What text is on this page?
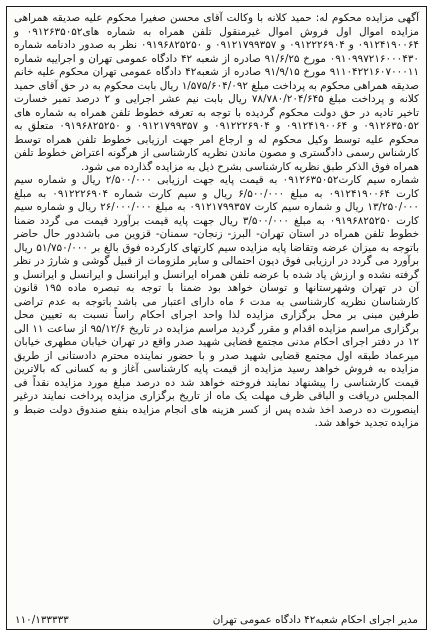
آگهی مزایده محکوم له: حمید کلانه با وکالت آقای محسن صغیرا محکوم علیه صدیقه همراهی مزایده اموال اول فروش اموال غیرمنقول تلفن همراه به شماره های۰۹۱۲۶۳۵۰۵۲ و ۰۹۱۲۴۱۹۰۰۶۴ و ۰۹۱۲۲۲۶۹۰۴ و ۰۹۱۲۱۷۹۹۳۵۷ و ۰۹۱۹۶۸۲۵۲۵۰ نظر به صدور دادنامه شماره ۰۹۱۰۹۹۷۲۱۶۰۰۰۴۳۰ مورخ ۹۱/۶/۲۵ صادره از شعبه ۴۲ دادگاه عمومی تهران و اجراییه شماره ۹۱۱۰۴۲۲۱۶۰۷۰۰۰۱۱ مورخ ۹۱/۹/۱۵ صادره از شعبه۴۲ دادگاه عمومی تهران محکوم علیه خانم صدیقه همراهی محکوم به پرداخت مبلغ ۱/۵۷۵/۶۰۴/۰۹۲ ریال بابت محکوم به در حق آقای حمید کلانه و پرداخت مبلغ ۷۸/۷۸۰/۲۰۴/۶۴۵ ریال بابت نیم عشر اجرایی و ۲ درصد تمبر خسارت تاخیر تادیه در حق دولت محکوم گردیده با توجه به تعرفه خطوط تلفن همراه به شماره های ۰۹۱۲۶۳۵۰۵۲ و ۰۹۱۲۴۱۹۰۰۶۴ و ۰۹۱۲۲۲۶۹۰۴ و ۰۹۱۲۱۷۹۹۳۵۷ و ۰۹۱۹۶۸۲۵۲۵۰ متعلق به محکوم علیه توسط وکیل محکوم له و ارجاع امر جهت ارزیابی خطوط تلفن همراه توسط کارشناس رسمی دادگستری و مصون ماندن نظریه کارشناسی از هرگونه اعتراض خطوط تلفن همراه فوق الذکر طبق نظریه کارشناسی بشرح ذیل به مزایده گذارده می شود.

شماره سیم کارت۰۹۱۲۶۳۵۰۵۲ به قیمت پایه جهت ارزیابی ۲/۵۰۰/۰۰۰ ریال و شماره سیم کارت ۰۹۱۲۴۱۹۰۰۶۴ به مبلغ ۶/۵۰۰/۰۰۰ ریال و سیم کارت شماره ۰۹۱۲۲۲۶۹۰۴ به مبلغ ۱۳/۲۵۰/۰۰۰ ریال و شماره سیم کارت ۰۹۱۲۱۷۹۹۳۵۷ به مبلغ ۲۶/۰۰۰/۰۰۰ ریال و شماره سیم کارت ۰۹۱۹۶۸۲۵۲۵۰ به مبلغ ۳/۵۰۰/۰۰۰ ریال جهت پایه قیمت برآورد قیمت می گردد ضمنا خطوط تلفن همراه در استان تهران- البرز- زنجان- سمنان- قزوین می باشددور حال حاضر باتوجه به میزان عرضه وتقاضا پایه مزایده سیم کارتهای کارکرده فوق بالغ بر ۵۱/۷۵۰/۰۰۰ ریال برآورد می گردد در ارزیابی فوق دیون احتمالی و سایر ملزومات از قبیل گوشی و شارژ در نظر گرفته نشده و ارزش یاد شده با عرضه تلفن همراه ایرانسل و ایرانسل و ایرانسل و ایرانسل و آن در تهران وشهرستانها و توسان خواهد بود ضمنا با توجه به تبصره ماده ۱۹۵ قانون کارشناسان نظریه کارشناسی به مدت ۶ ماه دارای اعتبار می باشد باتوجه به عدم تراضی طرفین مبنی بر محل برگزاری مزایده لذا واحد اجرای احکام راساً نسبت به تعیین محل برگزاری مراسم مزایده اقدام و مقرر گردید مراسم مزایده در تاریخ ۹۵/۱۲/۶ از ساعت ۱۱ الی ۱۲ در دفتر اجرای احکام مدنی مجتمع قضایی شهید صدر واقع در تهران خیابان مطهری خیابان میرعماد طبقه اول مجتمع قضایی شهید صدر و با حضور نماینده محترم دادستانی از طریق مزایده به فروش خواهد رسید مزایده از قیمت پایه کارشناسی آغاز و به کسانی که بالاترین قیمت کارشناسی را پیشنهاد نمایند فروخته خواهد شد ده درصد مبلغ مورد مزایده نقداً فی المجلس دریافت و الباقی ظرف مهلت یک ماه از تاریخ برگزاری مزایده پرداخت نمایند درغیر اینصورت ده درصد اخذ شده پس از کسر هزینه های انجام مزایده بنفع صندوق دولت ضبط و مزایده تجدید خواهد شد.

مدیر اجرای احکام شعبه۴۲ دادگاه عمومی تهران
۱۱۰/۱۳۳۳۳۳
